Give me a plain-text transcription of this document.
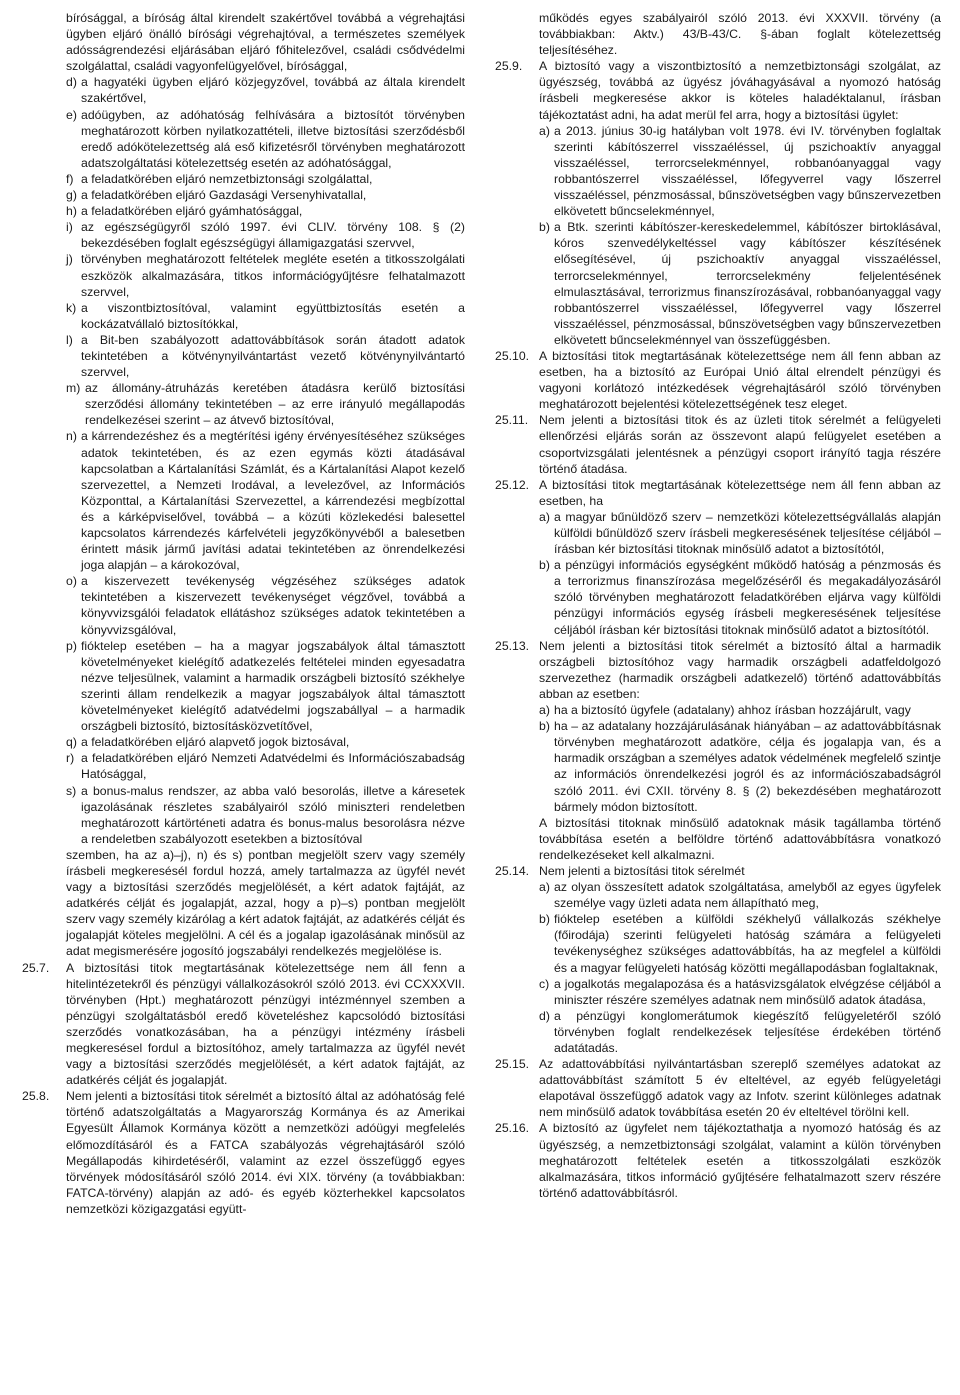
bírósággal, a bíróság által kirendelt szakértővel továbbá a végrehajtási ügyben eljáró önálló bírósági végrehajtóval, a természetes személyek adósságrendezési eljárásában eljáró főhitelezővel, családi csődvédelmi szolgálattal, családi vagyonfelügyelővel, bírósággal,

d) a hagyatéki ügyben eljáró közjegyzővel, továbbá az általa kirendelt szakértővel,
e) adóügyben, az adóhatóság felhívására a biztosítót törvényben meghatározott körben nyilatkozattételi, illetve biztosítási szerződésből eredő adókötelezettség alá eső kifizetésről törvényben meghatározott adatszolgáltatási kötelezettség esetén az adóhatósággal,
f) a feladatkörében eljáró nemzetbiztonsági szolgálattal,
g) a feladatkörében eljáró Gazdasági Versenyhivatallal,
h) a feladatkörében eljáró gyámhatósággal,
i) az egészségügyről szóló 1997. évi CLIV. törvény 108. § (2) bekezdésében foglalt egészségügyi államigazgatási szervvel,
j) törvényben meghatározott feltételek megléte esetén a titkosszolgálati eszközök alkalmazására, titkos információgyűjtésre felhatalmazott szervvel,
k) a viszontbiztosítóval, valamint együttbiztosítás esetén a kockázatvállaló biztosítókkal,
l) a Bit-ben szabályozott adattovábbítások során átadott adatok tekintetében a kötvénynyilvántartást vezető kötvénynyilvántartó szervvel,
m) az állomány-átruházás keretében átadásra kerülő biztosítási szerződési állomány tekintetében – az erre irányuló megállapodás rendelkezései szerint – az átvevő biztosítóval,
n) a kárrendezéshez és a megtérítési igény érvényesítéséhez szükséges adatok tekintetében, és az ezen egymás közti átadásával kapcsolatban a Kártalanítási Számlát, és a Kártalanítási Alapot kezelő szervezettel, a Nemzeti Irodával, a levelezővel, az Információs Központtal, a Kártalanítási Szervezettel, a kárrendezési megbízottal és a kárképviselővel, továbbá – a közúti közlekedési balesettel kapcsolatos kárrendezés kárfelvételi jegyzőkönyvéből a balesetben érintett másik jármű javítási adatai tekintetében az önrendelkezési joga alapján – a károkozóval,
o) a kiszervezett tevékenység végzéséhez szükséges adatok tekintetében a kiszervezett tevékenységet végzővel, továbbá a könyvvizsgálói feladatok ellátáshoz szükséges adatok tekintetében a könyvvizsgálóval,
p) fióktelep esetében – ha a magyar jogszabályok által támasztott követelményeket kielégítő adatkezelés feltételei minden egyesadatra nézve teljesülnek, valamint a harmadik országbeli biztosító székhelye szerinti állam rendelkezik a magyar jogszabályok által támasztott követelményeket kielégítő adatvédelmi jogszabállyal – a harmadik országbeli biztosító, biztosításközvetítővel,
q) a feladatkörében eljáró alapvető jogok biztosával,
r) a feladatkörében eljáró Nemzeti Adatvédelmi és Információszabadság Hatósággal,
s) a bonus-malus rendszer, az abba való besorolás, illetve a káresetek igazolásának részletes szabályairól szóló miniszteri rendeletben meghatározott kártörténeti adatra és bonus-malus besorolásra nézve a rendeletben szabályozott esetekben a biztosítóval

szemben, ha az a)–j), n) és s) pontban megjelölt szerv vagy személy írásbeli megkeresésél fordul hozzá, amely tartalmazza az ügyfél nevét vagy a biztosítási szerződés megjelölését, a kért adatok fajtáját, az adatkérés célját és jogalapját, azzal, hogy a p)–s) pontban megjelölt szerv vagy személy kizárólag a kért adatok fajtáját, az adatkérés célját és jogalapját köteles megjelölni. A cél és a jogalap igazolásának minősül az adat megismerésére jogosító jogszabályi rendelkezés megjelölése is.

25.7. A biztosítási titok megtartásának kötelezettsége nem áll fenn a hitelintézetekről és pénzügyi vállalkozásokról szóló 2013. évi CCXXXVII. törvényben (Hpt.) meghatározott pénzügyi intézménnyel szemben a pénzügyi szolgáltatásból eredő követeléshez kapcsolódó biztosítási szerződés vonatkozásában, ha a pénzügyi intézmény írásbeli megkeresésel fordul a biztosítóhoz, amely tartalmazza az ügyfél nevét vagy a biztosítási szerződés megjelölését, a kért adatok fajtáját, az adatkérés célját és jogalapját.

25.8. Nem jelenti a biztosítási titok sérelmét a biztosító által az adóhatóság felé történő adatszolgáltatás a Magyarország Kormánya és az Amerikai Egyesült Államok Kormánya között a nemzetközi adóügyi megfelelés előmozdításáról és a FATCA szabályozás végrehajtásáról szóló Megállapodás kihirdetéséről, valamint az ezzel összefüggő egyes törvények módosításáról szóló 2014. évi XIX. törvény (a továbbiakban: FATCA-törvény) alapján az adó- és egyéb közterhekkel kapcsolatos nemzetközi közigazgatási együtt-

működés egyes szabályairól szóló 2013. évi XXXVII. törvény (a továbbiakban: Aktv.) 43/B-43/C. §-ában foglalt kötelezettség teljesítéséhez.

25.9. A biztosító vagy a viszontbiztosító a nemzetbiztonsági szolgálat, az ügyészség, továbbá az ügyész jóváhagyásával a nyomozó hatóság írásbeli megkeresése akkor is köteles haladéktalanul, írásban tájékoztatást adni, ha adat merül fel arra, hogy a biztosítási ügylet:

a) a 2013. június 30-ig hatályban volt 1978. évi IV. törvényben foglaltak szerinti kábítószerrel visszaéléssel, új pszichoaktív anyaggal visszaéléssel, terrorcselekménnyel, robbanóanyaggal vagy robbantószerrel visszaéléssel, lőfegyverrel vagy lőszerrel visszaéléssel, pénzmosással, bűnszövetségben vagy bűnszervezetben elkövetett bűncselekménnyel,
b) a Btk. szerinti kábítószer-kereskedelemmel, kábítószer birtoklásával, kóros szenvedélykeltéssel vagy kábítószer készítésének elősegítésével, új pszichoaktív anyaggal visszaéléssel, terrorcselekménnyel, terrorcselekmény feljelentésének elmulasztásával, terrorizmus finanszírozásával, robbanóanyaggal vagy robbantószerrel visszaéléssel, lőfegyverrel vagy lőszerrel visszaéléssel, pénzmosással, bűnszövetségben vagy bűnszervezetben elkövetett bűncselekménnyel van összefüggésben.

25.10. A biztosítási titok megtartásának kötelezettsége nem áll fenn abban az esetben, ha a biztosító az Európai Unió által elrendelt pénzügyi és vagyoni korlátozó intézkedések végrehajtásáról szóló törvényben meghatározott bejelentési kötelezettségének tesz eleget.

25.11. Nem jelenti a biztosítási titok és az üzleti titok sérelmét a felügyeleti ellenőrzési eljárás során az összevont alapú felügyelet esetében a csoportvizsgálati jelentésnek a pénzügyi csoport irányító tagja részére történő átadása.

25.12. A biztosítási titok megtartásának kötelezettsége nem áll fenn abban az esetben, ha

a) a magyar bűnüldöző szerv – nemzetközi kötelezettségvállalás alapján külföldi bűnüldöző szerv írásbeli megkeresésének teljesítése céljából – írásban kér biztosítási titoknak minősülő adatot a biztosítótól,
b) a pénzügyi információs egységként működő hatóság a pénzmosás és a terrorizmus finanszírozása megelőzéséről és megakadályozásáról szóló törvényben meghatározott feladatkörében eljárva vagy külföldi pénzügyi információs egység írásbeli megkeresésének teljesítése céljából írásban kér biztosítási titoknak minősülő adatot a biztosítótól.

25.13. Nem jelenti a biztosítási titok sérelmét a biztosító által a harmadik országbeli biztosítóhoz vagy harmadik országbeli adatfeldolgozó szervezethez (harmadik országbeli adatkezelő) történő adattovábbítás abban az esetben:

a) ha a biztosító ügyfele (adatalany) ahhoz írásban hozzájárult, vagy
b) ha – az adatalany hozzájárulásának hiányában – az adattovábbításnak törvényben meghatározott adatköre, célja és jogalapja van, és a harmadik országban a személyes adatok védelmének megfelelő szintje az információs önrendelkezési jogról és az információszabadságról szóló 2011. évi CXII. törvény 8. § (2) bekezdésében meghatározott bármely módon biztosított.

A biztosítási titoknak minősülő adatoknak másik tagállamba történő továbbítása esetén a belföldre történő adattovábbításra vonatkozó rendelkezéseket kell alkalmazni.

25.14. Nem jelenti a biztosítási titok sérelmét

a) az olyan összesített adatok szolgáltatása, amelyből az egyes ügyfelek személye vagy üzleti adata nem állapítható meg,
b) fióktelep esetében a külföldi székhelyű vállalkozás székhelye (főirodája) szerinti felügyeleti hatóság számára a felügyeleti tevékenységhez szükséges adattovábbítás, ha az megfelel a külföldi és a magyar felügyeleti hatóság közötti megállapodásban foglaltaknak,
c) a jogalkotás megalapozása és a hatásvizsgálatok elvégzése céljából a miniszter részére személyes adatnak nem minősülő adatok átadása,
d) a pénzügyi konglomerátumok kiegészítő felügyeletéről szóló törvényben foglalt rendelkezések teljesítése érdekében történő adatátadás.

25.15. Az adattovábbítási nyilvántartásban szereplő személyes adatokat az adattovábbítást számított 5 év elteltével, az egyéb felügyeletági elapotával összefüggő adatok vagy az Infotv. szerint különleges adatnak nem minősülő adatok továbbítása esetén 20 év elteltével törölni kell.

25.16. A biztosító az ügyfelet nem tájékoztathatja a nyomozó hatóság és az ügyészség, a nemzetbiztonsági szolgálat, valamint a külön törvényben meghatározott feltételek esetén a titkosszolgálati eszközök alkalmazására, titkos információ gyűjtésére felhatalmazott szerv részére történő adattovábbításról.
